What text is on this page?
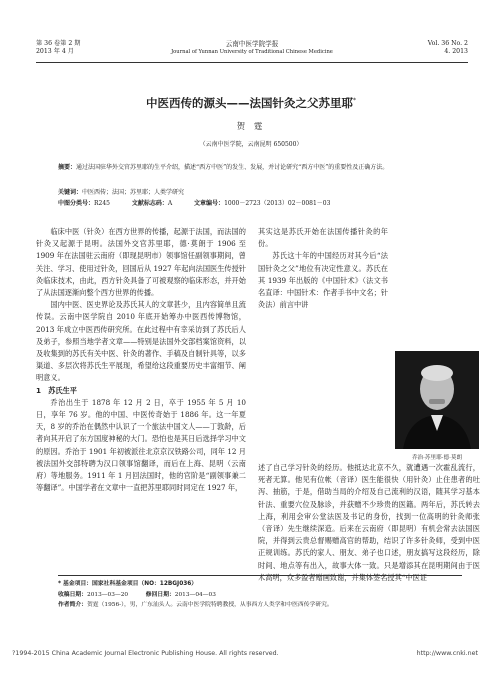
第 36 卷第 2 期
2013 年 4 月
云南中医学院学报
Journal of Yunnan University of Traditional Chinese Medicine
Vol. 36 No. 2
4. 2013
中医西传的源头——法国针灸之父苏里耶*
贺 霆
（云南中医学院，云南昆明 650500）
摘要：通过法国驻华外交官苏里耶的生平介绍，描述“西方中医”的发生、发展，并讨论研究“西方中医”的重要性及正确方法。
关键词：中医西传；法国；苏里耶；人类学研究
中图分类号：R245	文献标志码：A	文章编号：1000－2723（2013）02－0081－03

临床中医（针灸）在西方世界的传播，起源于法国，而法国的针灸又起源于昆明。法国外交官苏里耶，德·莫朗于 1906 至 1909 年在法国驻云南府（即现昆明市）领事馆任副领事期间，曾关注、学习、使用过针灸，回国后从 1927 年起向法国医生传授针灸临床技术，由此，西方针灸具备了可被观察的临床形态，并开始了从法国逐渐向整个西方世界的传播。

国内中医、医史界论及苏氏其人的文章甚少，且内容简单且流传误。云南中医学院自 2010 年底开始筹办中医西传博物馆，2013 年成立中医西传研究所。在此过程中有幸采访到了苏氏后人及弟子，参照当地学者文章——特别是法国外交部档案馆资料，以及收集到的苏氏有关中医、针灸的著作、手稿及自制针具等，以多渠道、多层次将苏氏生平展现，希望给这段重要历史丰富细节、阐明意义。

1　苏氏生平

乔治出生于 1878 年 12 月 2 日，卒于 1955 年 5 月 10 日，享年 76 岁。他的中国、中医传奇始于 1886 年。这一年夏天，8 岁的乔治在偶然中认识了一个旅法中国文人——丁敦龄，后者向其开启了东方国度神秘的大门。恐怕也是其日后选择学习中文的原因。乔治于 1901 年初被派往北京京汉铁路公司，同年 12 月被法国外交部特聘为汉口领事馆翻译，而后在上海、昆明（云南府）等地服务。1911 年 1 月回法国时，他的官阶是“副领事兼二等翻译”。中国学者在文章中一直把苏里耶同时同定在 1927 年，

其实这是苏氏开始在法国传播针灸的年份。

苏氏这十年的中国经历对其今后“法国针灸之父”地位有决定性意义。苏氏在其 1939 年出版的《中国针术》（法文书名直译：中国针术：作者手书中文名；针灸法）前言中讲

乔治·苏里耶·德·莫朗

述了自己学习针灸的经历。他抵达北京不久，就遭遇一次霍乱流行，死者无算。他见有位帐（音译）医生能很快（用针灸）止住患者的吐泻、抽筋，于是，借助当局的介绍及自己流利的汉语，随其学习基本针法、重要穴位及脉诊，并获赠不少珍贵的医籍。两年后，苏氏转去上海，利用会审公堂法医及书记的身份，找到一位高明的针灸师张（音译）先生继续深造。后来在云南府（即昆明）有机会常去法国医院，并得到云贵总督赐赠高官的帮助，结识了许多针灸师，受到中医正规训练。苏氏的家人、朋友、弟子也口述，朋友搞写这段经历，除时间、地点等有出入，故事大体一致。只是增添其在昆明期间由于医术高明，众多盈者赠画致谢，并集体签名授其“中医证

* 基金项目：国家社科基金项目（NO：12BGJ036）
收稿日期：2013—03—20	修回日期：2013—04—03
作者简介：贺霆（1956-），男，广东汕头人。云南中医学院特聘教授，从事西方人类学和中医西传学研究。
?1994-2015 China Academic Journal Electronic Publishing House. All rights reserved.	http://www.cnki.net
